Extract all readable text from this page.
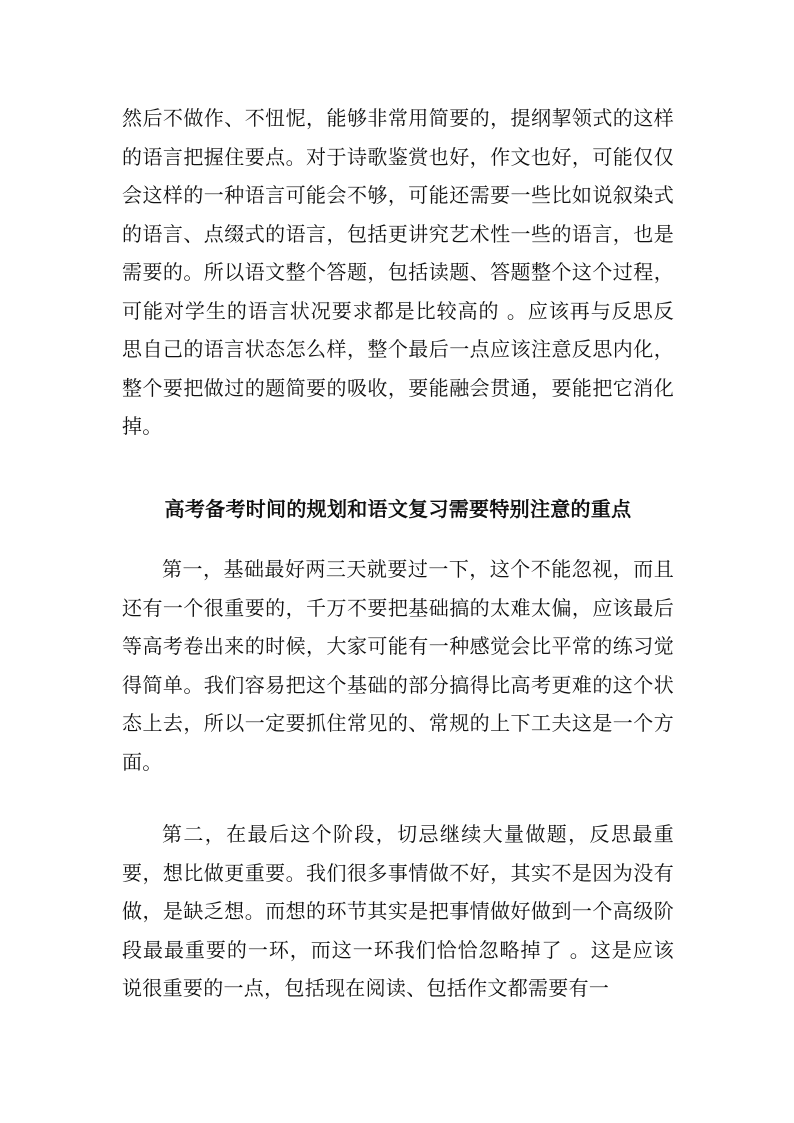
然后不做作、不忸怩，能够非常用简要的，提纲挈领式的这样的语言把握住要点。对于诗歌鉴赏也好，作文也好，可能仅仅会这样的一种语言可能会不够，可能还需要一些比如说叙染式的语言、点缀式的语言，包括更讲究艺术性一些的语言，也是需要的。所以语文整个答题，包括读题、答题整个这个过程，可能对学生的语言状况要求都是比较高的 。应该再与反思反思自己的语言状态怎么样，整个最后一点应该注意反思内化，整个要把做过的题简要的吸收，要能融会贯通，要能把它消化掉。

高考备考时间的规划和语文复习需要特别注意的重点

第一，基础最好两三天就要过一下，这个不能忽视，而且还有一个很重要的，千万不要把基础搞的太难太偏，应该最后等高考卷出来的时候，大家可能有一种感觉会比平常的练习觉得简单。我们容易把这个基础的部分搞得比高考更难的这个状态上去，所以一定要抓住常见的、常规的上下工夫这是一个方面。

第二，在最后这个阶段，切忌继续大量做题，反思最重要，想比做更重要。我们很多事情做不好，其实不是因为没有做，是缺乏想。而想的环节其实是把事情做好做到一个高级阶段最最重要的一环，而这一环我们恰恰忽略掉了 。这是应该说很重要的一点，包括现在阅读、包括作文都需要有一
